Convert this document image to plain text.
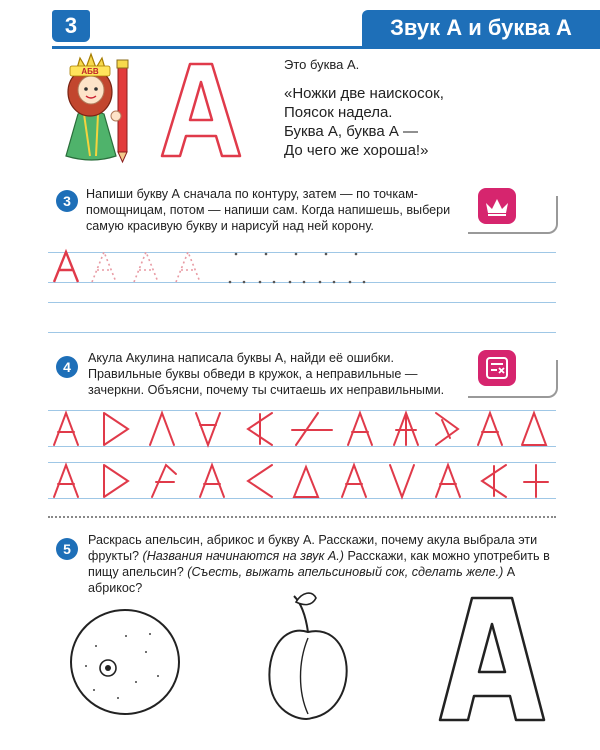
3	Звук А и буква А
АБВ	Это буква А.
«Ножки две наискосок,
Поясок надела.
Буква А, буква А —
До чего же хороша!»
3	Напиши букву А сначала по контуру, затем — по точкам-помощницам, потом — напиши сам. Когда напишешь, выбери самую красивую букву и нарисуй над ней корону.
4
Акула Акулина написала буквы А, найди её ошибки. Правильные буквы обведи в кружок, а неправильные — зачеркни. Объясни, почему ты считаешь их неправильными.
5
Раскрась апельсин, абрикос и букву А. Расскажи, почему акула выбрала эти фрукты? (Названия начинаются на звук А.) Расскажи, как можно употребить в пищу апельсин? (Съесть, выжать апельсиновый сок, сделать желе.) А абрикос?
